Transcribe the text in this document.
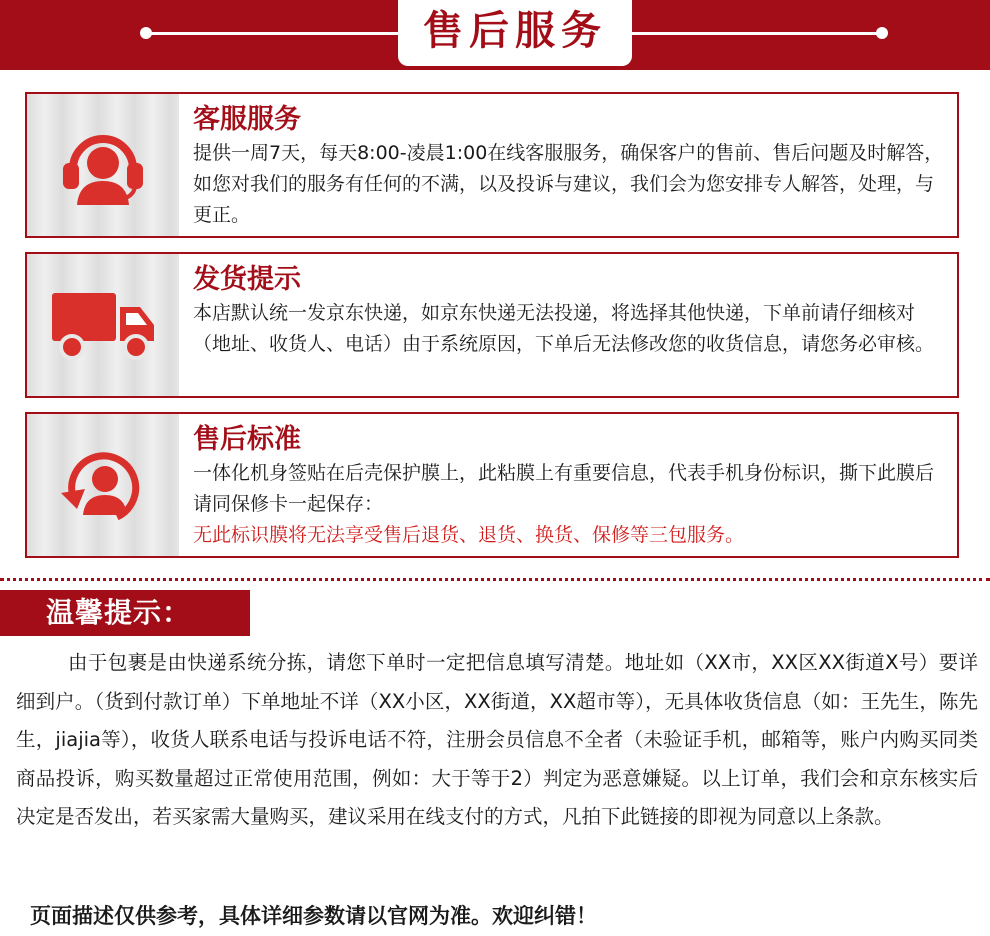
售后服务
客服服务
提供一周7天，每天8:00-凌晨1:00在线客服服务，确保客户的售前、售后问题及时解答，如您对我们的服务有任何的不满，以及投诉与建议，我们会为您安排专人解答，处理，与更正。
发货提示
本店默认统一发京东快递，如京东快递无法投递，将选择其他快递，下单前请仔细核对（地址、收货人、电话）由于系统原因，下单后无法修改您的收货信息，请您务必审核。
售后标准
一体化机身签贴在后壳保护膜上，此粘膜上有重要信息，代表手机身份标识，撕下此膜后请同保修卡一起保存：
无此标识膜将无法享受售后退货、退货、换货、保修等三包服务。
温馨提示：
由于包裹是由快递系统分拣，请您下单时一定把信息填写清楚。地址如（XX市，XX区XX街道X号）要详细到户。（货到付款订单）下单地址不详（XX小区，XX街道，XX超市等），无具体收货信息（如：王先生，陈先生，jiajia等），收货人联系电话与投诉电话不符，注册会员信息不全者（未验证手机，邮箱等，账户内购买同类商品投诉，购买数量超过正常使用范围，例如：大于等于2）判定为恶意嫌疑。以上订单，我们会和京东核实后决定是否发出，若买家需大量购买，建议采用在线支付的方式，凡拍下此链接的即视为同意以上条款。
页面描述仅供参考，具体详细参数请以官网为准。欢迎纠错！
